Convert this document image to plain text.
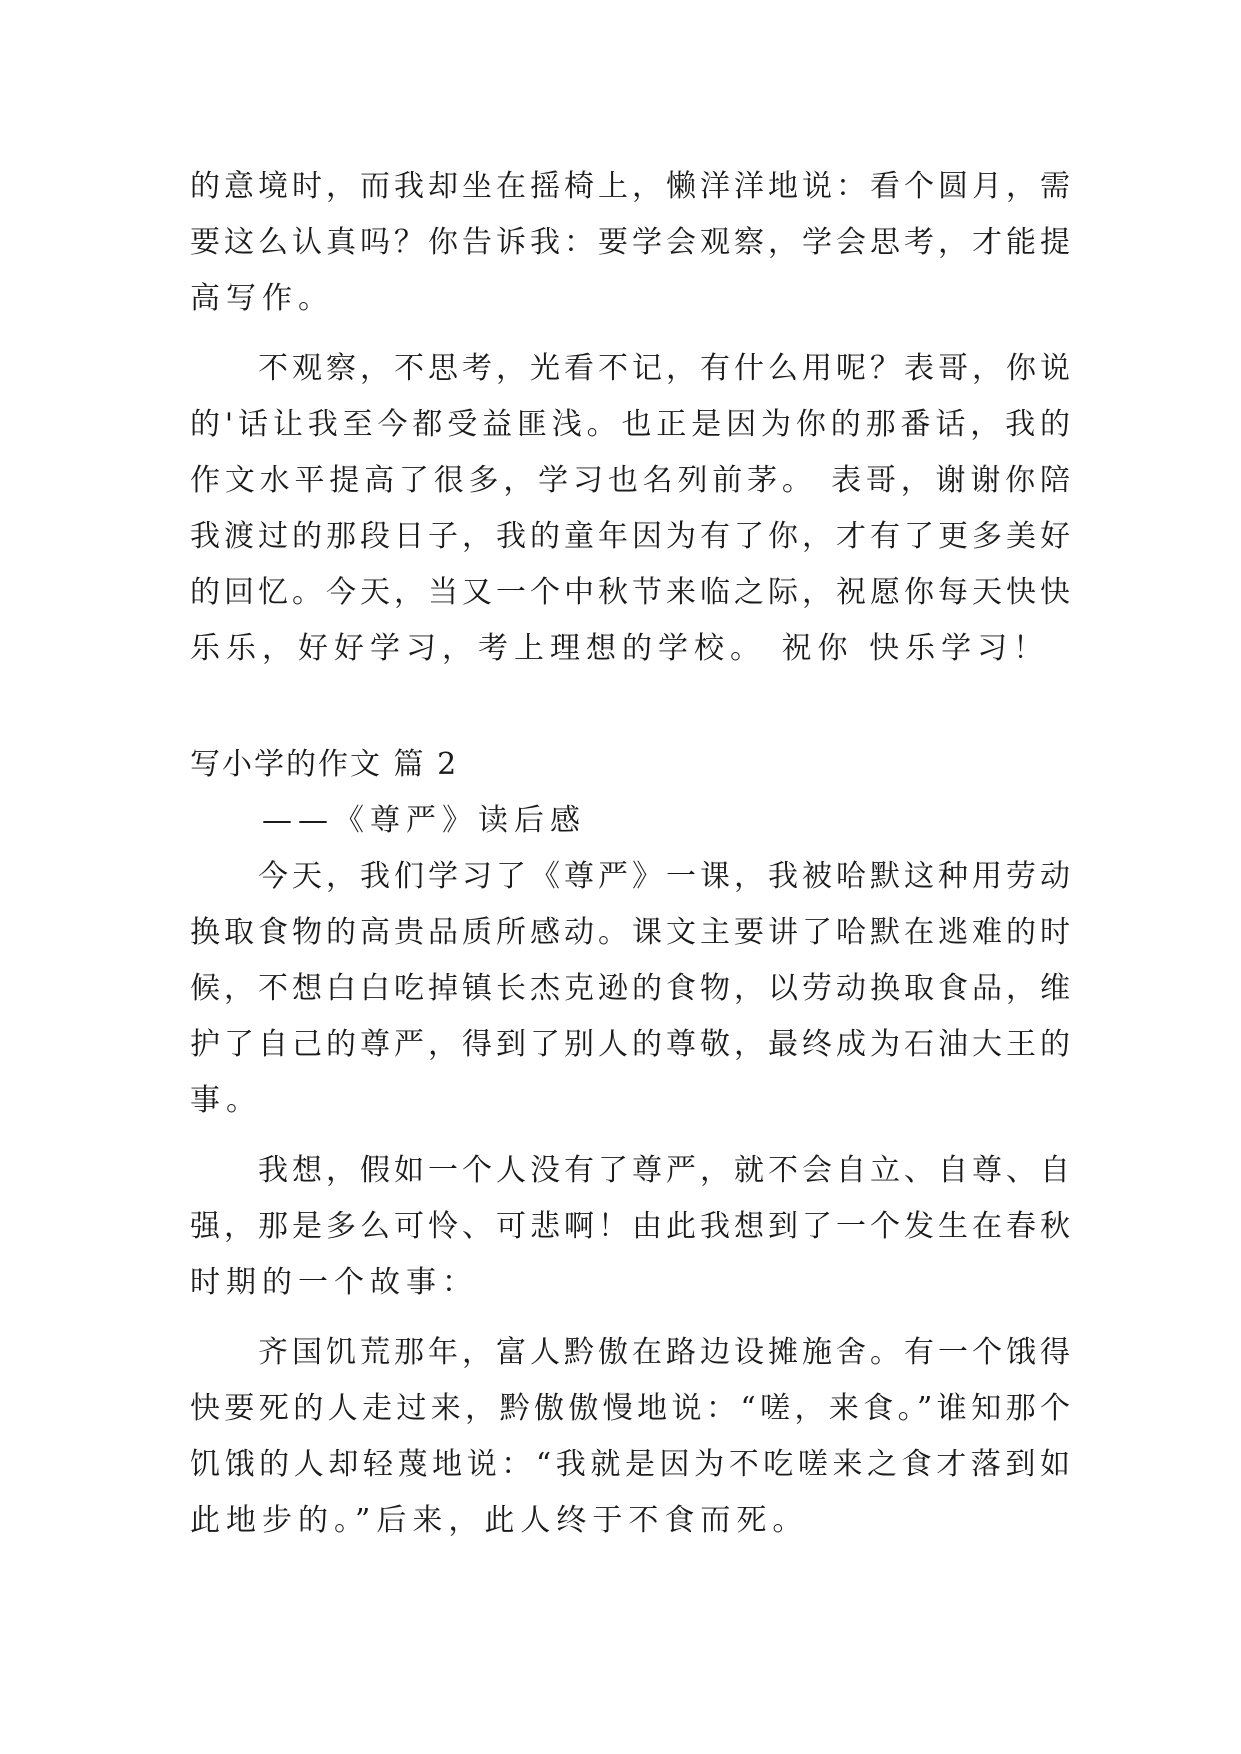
的意境时，而我却坐在摇椅上，懒洋洋地说：看个圆月，需
要这么认真吗？你告诉我：要学会观察，学会思考，才能提
高写作。
　　不观察，不思考，光看不记，有什么用呢？表哥，你说
的'话让我至今都受益匪浅。也正是因为你的那番话，我的
作文水平提高了很多，学习也名列前茅。 表哥，谢谢你陪
我渡过的那段日子，我的童年因为有了你，才有了更多美好
的回忆。今天，当又一个中秋节来临之际，祝愿你每天快快
乐乐，好好学习，考上理想的学校。 祝你 快乐学习！
写小学的作文 篇 2
　　——《尊严》读后感
　　今天，我们学习了《尊严》一课，我被哈默这种用劳动
换取食物的高贵品质所感动。课文主要讲了哈默在逃难的时
候，不想白白吃掉镇长杰克逊的食物，以劳动换取食品，维
护了自己的尊严，得到了别人的尊敬，最终成为石油大王的
事。
　　我想，假如一个人没有了尊严，就不会自立、自尊、自
强，那是多么可怜、可悲啊！由此我想到了一个发生在春秋
时期的一个故事：
　　齐国饥荒那年，富人黔傲在路边设摊施舍。有一个饿得
快要死的人走过来，黔傲傲慢地说：“嗟，来食。”谁知那个
饥饿的人却轻蔑地说：“我就是因为不吃嗟来之食才落到如
此地步的。”后来，此人终于不食而死。
